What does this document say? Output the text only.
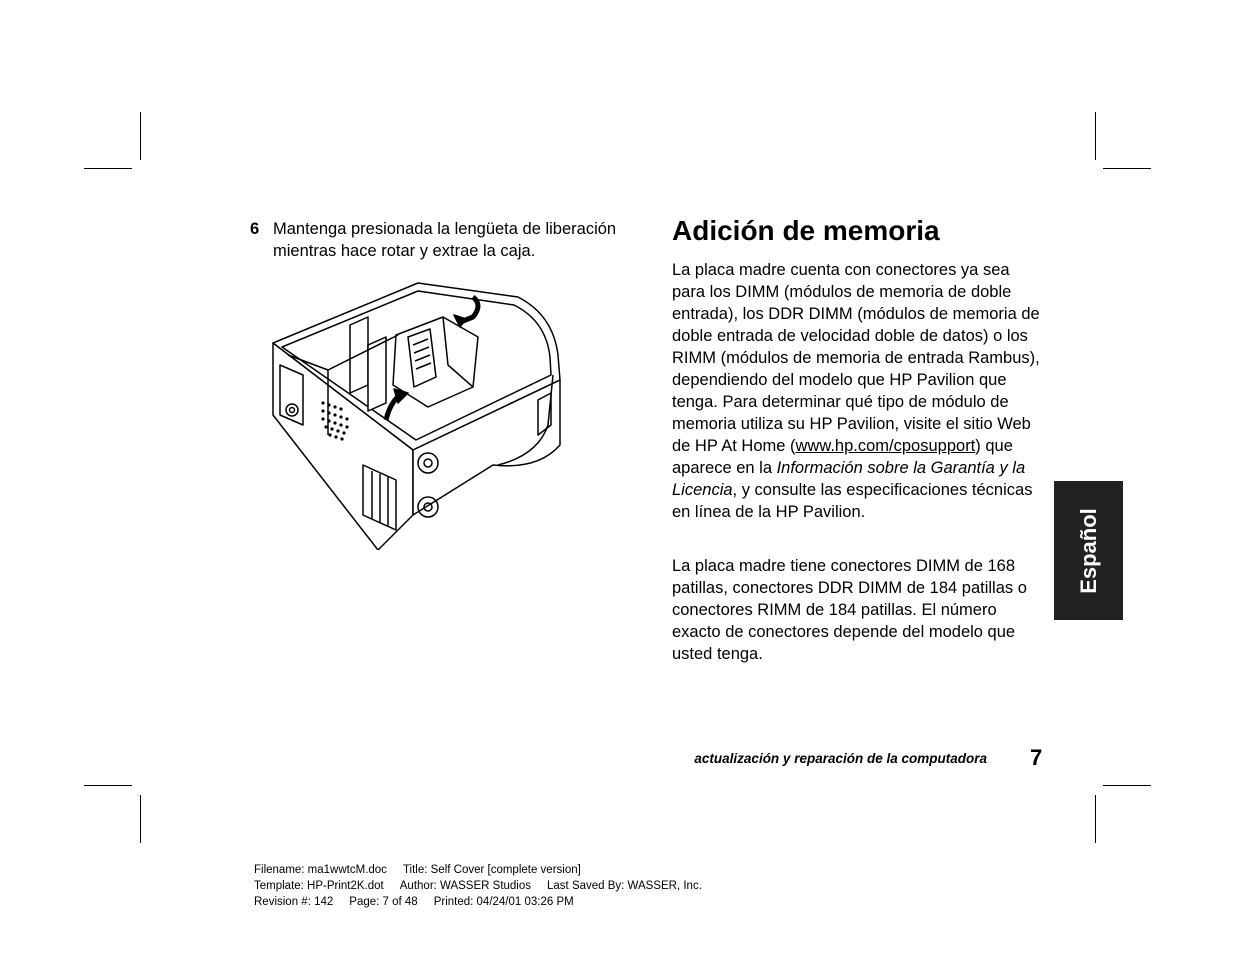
6 Mantenga presionada la lengüeta de liberación mientras hace rotar y extrae la caja.
Adición de memoria

La placa madre cuenta con conectores ya sea para los DIMM (módulos de memoria de doble entrada), los DDR DIMM (módulos de memoria de doble entrada de velocidad doble de datos) o los RIMM (módulos de memoria de entrada Rambus), dependiendo del modelo que HP Pavilion que tenga. Para determinar qué tipo de módulo de memoria utiliza su HP Pavilion, visite el sitio Web de HP At Home (www.hp.com/cposupport) que aparece en la Información sobre la Garantía y la Licencia, y consulte las especificaciones técnicas en línea de la HP Pavilion.

La placa madre tiene conectores DIMM de 168
patillas, conectores DDR DIMM de 184 patillas o
conectores RIMM de 184 patillas. El número
exacto de conectores depende del modelo que
usted tenga.

Español
actualización y reparación de la computadora 7
Filename: ma1wwtcM.doc Title: Self Cover [complete version]
Template: HP-Print2K.dot Author: WASSER Studios Last Saved By: WASSER, Inc.
Revision #: 142 Page: 7 of 48 Printed: 04/24/01 03:26 PM
